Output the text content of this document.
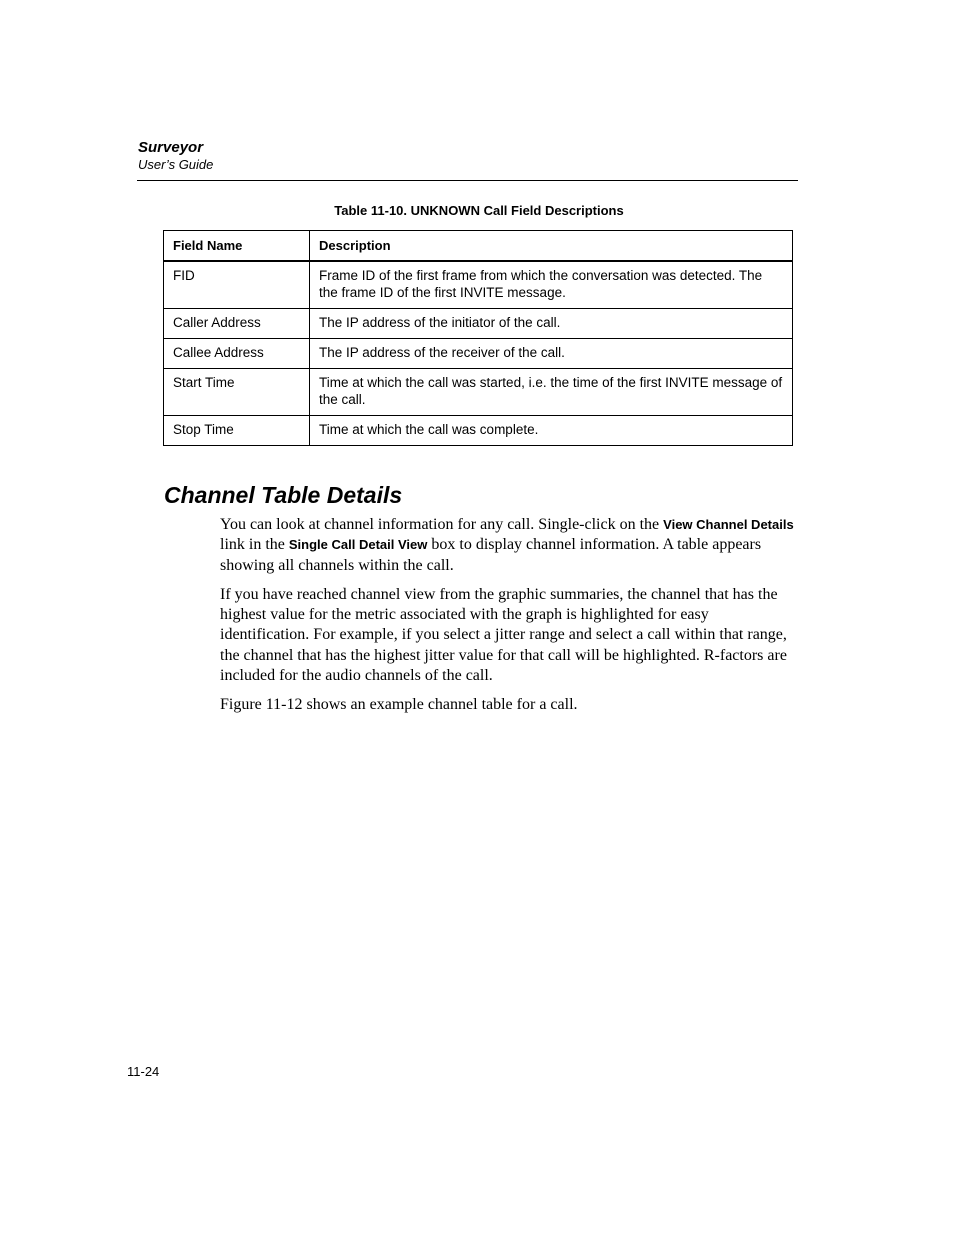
Surveyor
User’s Guide
Table 11-10. UNKNOWN Call Field Descriptions
Field Name	Description
FID	Frame ID of the first frame from which the conversation was detected. The the frame ID of the first INVITE message.
Caller Address	The IP address of the initiator of the call.
Callee Address	The IP address of the receiver of the call.
Start Time	Time at which the call was started, i.e. the time of the first INVITE message of the call.
Stop Time	Time at which the call was complete.
Channel Table Details

You can look at channel information for any call. Single-click on the View Channel Details link in the Single Call Detail View box to display channel information. A table appears showing all channels within the call.

If you have reached channel view from the graphic summaries, the channel that has the highest value for the metric associated with the graph is highlighted for easy identification. For example, if you select a jitter range and select a call within that range, the channel that has the highest jitter value for that call will be highlighted. R-factors are included for the audio channels of the call.

Figure 11-12 shows an example channel table for a call.

11-24
